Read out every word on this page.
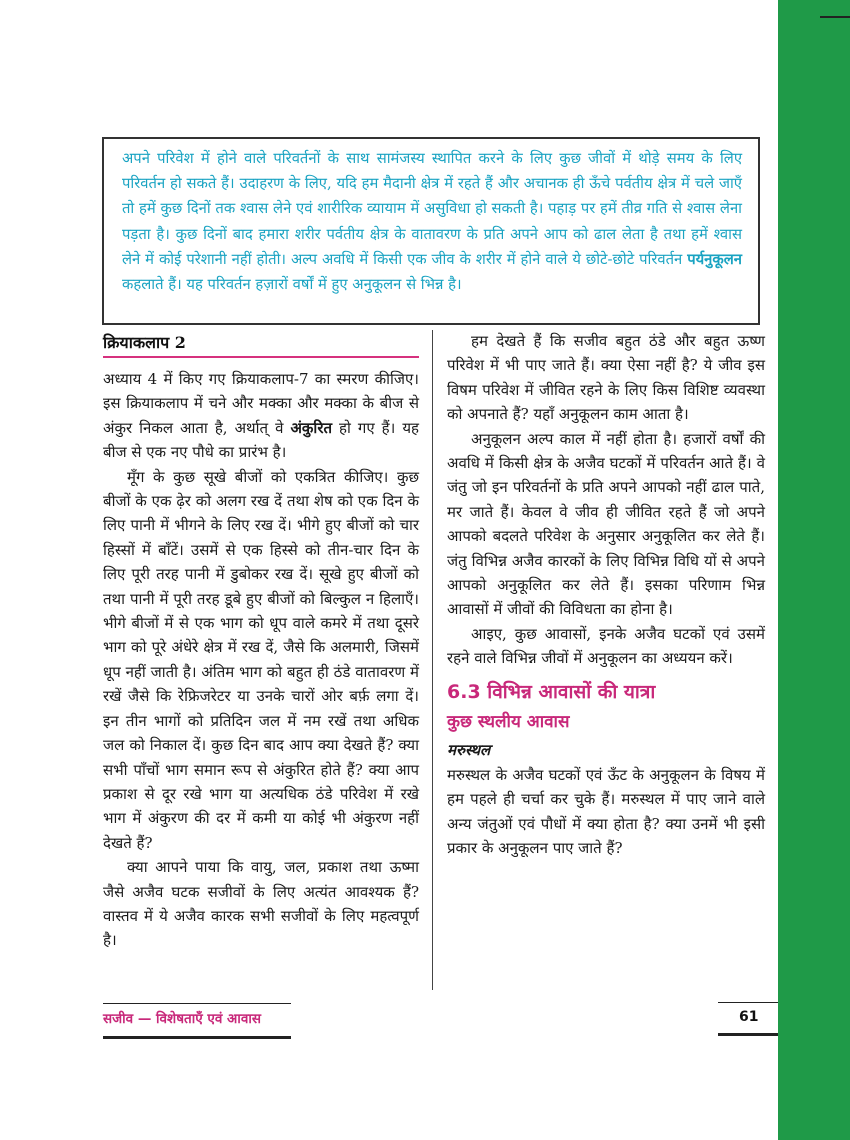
अपने परिवेश में होने वाले परिवर्तनों के साथ सामंजस्य स्थापित करने के लिए कुछ जीवों में थोड़े समय के लिए परिवर्तन हो सकते हैं। उदाहरण के लिए, यदि हम मैदानी क्षेत्र में रहते हैं और अचानक ही ऊँचे पर्वतीय क्षेत्र में चले जाएँ तो हमें कुछ दिनों तक श्वास लेने एवं शारीरिक व्यायाम में असुविधा हो सकती है। पहाड़ पर हमें तीव्र गति से श्वास लेना पड़ता है। कुछ दिनों बाद हमारा शरीर पर्वतीय क्षेत्र के वातावरण के प्रति अपने आप को ढाल लेता है तथा हमें श्वास लेने में कोई परेशानी नहीं होती। अल्प अवधि में किसी एक जीव के शरीर में होने वाले ये छोटे-छोटे परिवर्तन पर्यनुकूलन कहलाते हैं। यह परिवर्तन हज़ारों वर्षों में हुए अनुकूलन से भिन्न है।
क्रियाकलाप 2

अध्याय 4 में किए गए क्रियाकलाप-7 का स्मरण कीजिए। इस क्रियाकलाप में चने और मक्का और मक्का के बीज से अंकुर निकल आता है, अर्थात् वे अंकुरित हो गए हैं। यह बीज से एक नए पौधे का प्रारंभ है।

मूँग के कुछ सूखे बीजों को एकत्रित कीजिए। कुछ बीजों के एक ढ़ेर को अलग रख दें तथा शेष को एक दिन के लिए पानी में भीगने के लिए रख दें। भीगे हुए बीजों को चार हिस्सों में बाँटें। उसमें से एक हिस्से को तीन-चार दिन के लिए पूरी तरह पानी में डुबोकर रख दें। सूखे हुए बीजों को तथा पानी में पूरी तरह डूबे हुए बीजों को बिल्कुल न हिलाएँ। भीगे बीजों में से एक भाग को धूप वाले कमरे में तथा दूसरे भाग को पूरे अंधेरे क्षेत्र में रख दें, जैसे कि अलमारी, जिसमें धूप नहीं जाती है। अंतिम भाग को बहुत ही ठंडे वातावरण में रखें जैसे कि रेफ्रिजरेटर या उनके चारों ओर बर्फ़ लगा दें। इन तीन भागों को प्रतिदिन जल में नम रखें तथा अधिक जल को निकाल दें। कुछ दिन बाद आप क्या देखते हैं? क्या सभी पाँचों भाग समान रूप से अंकुरित होते हैं? क्या आप प्रकाश से दूर रखे भाग या अत्यधिक ठंडे परिवेश में रखे भाग में अंकुरण की दर में कमी या कोई भी अंकुरण नहीं देखते हैं?

क्या आपने पाया कि वायु, जल, प्रकाश तथा ऊष्मा जैसे अजैव घटक सजीवों के लिए अत्यंत आवश्यक हैं? वास्तव में ये अजैव कारक सभी सजीवों के लिए महत्वपूर्ण है।

हम देखते हैं कि सजीव बहुत ठंडे और बहुत ऊष्ण परिवेश में भी पाए जाते हैं। क्या ऐसा नहीं है? ये जीव इस विषम परिवेश में जीवित रहने के लिए किस विशिष्ट व्यवस्था को अपनाते हैं? यहाँ अनुकूलन काम आता है।

अनुकूलन अल्प काल में नहीं होता है। हजारों वर्षों की अवधि में किसी क्षेत्र के अजैव घटकों में परिवर्तन आते हैं। वे जंतु जो इन परिवर्तनों के प्रति अपने आपको नहीं ढाल पाते, मर जाते हैं। केवल वे जीव ही जीवित रहते हैं जो अपने आपको बदलते परिवेश के अनुसार अनुकूलित कर लेते हैं। जंतु विभिन्न अजैव कारकों के लिए विभिन्न विधि यों से अपने आपको अनुकूलित कर लेते हैं। इसका परिणाम भिन्न आवासों में जीवों की विविधता का होना है।

आइए, कुछ आवासों, इनके अजैव घटकों एवं उसमें रहने वाले विभिन्न जीवों में अनुकूलन का अध्ययन करें।

6.3 विभिन्न आवासों की यात्रा

कुछ स्थलीय आवास

मरुस्थल

मरुस्थल के अजैव घटकों एवं ऊँट के अनुकूलन के विषय में हम पहले ही चर्चा कर चुके हैं। मरुस्थल में पाए जाने वाले अन्य जंतुओं एवं पौधों में क्या होता है? क्या उनमें भी इसी प्रकार के अनुकूलन पाए जाते हैं?

सजीव — विशेषताएँ एवं आवास	61
